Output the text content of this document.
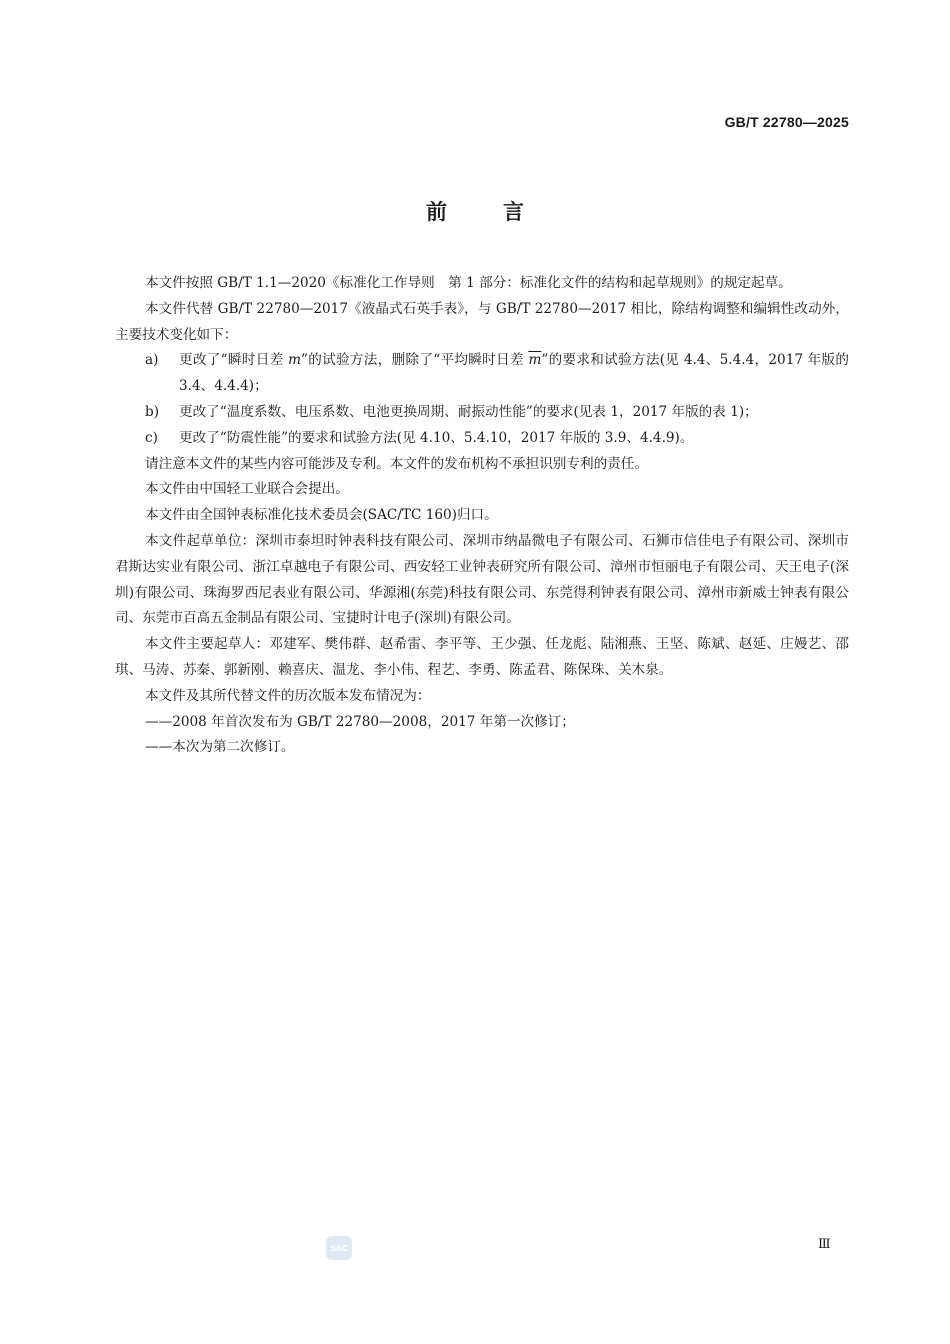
GB/T 22780—2025
前	言

本文件按照 GB/T 1.1—2020《标准化工作导则　第 1 部分：标准化文件的结构和起草规则》的规定起草。

本文件代替 GB/T 22780—2017《液晶式石英手表》，与 GB/T 22780—2017 相比，除结构调整和编辑性改动外，主要技术变化如下：

a) 更改了“瞬时日差 m”的试验方法，删除了“平均瞬时日差 $\overline{m}$”的要求和试验方法(见 4.4、5.4.4，2017 年版的 3.4、4.4.4)；

b) 更改了“温度系数、电压系数、电池更换周期、耐振动性能”的要求(见表 1，2017 年版的表 1)；

c) 更改了“防震性能”的要求和试验方法(见 4.10、5.4.10，2017 年版的 3.9、4.4.9)。

请注意本文件的某些内容可能涉及专利。本文件的发布机构不承担识别专利的责任。

本文件由中国轻工业联合会提出。

本文件由全国钟表标准化技术委员会(SAC/TC 160)归口。

本文件起草单位：深圳市泰坦时钟表科技有限公司、深圳市纳晶微电子有限公司、石狮市信佳电子有限公司、深圳市君斯达实业有限公司、浙江卓越电子有限公司、西安轻工业钟表研究所有限公司、漳州市恒丽电子有限公司、天王电子(深圳)有限公司、珠海罗西尼表业有限公司、华源湘(东莞)科技有限公司、东莞得利钟表有限公司、漳州市新威士钟表有限公司、东莞市百高五金制品有限公司、宝捷时计电子(深圳)有限公司。

本文件主要起草人：邓建军、樊伟群、赵希雷、李平等、王少强、任龙彪、陆湘燕、王坚、陈斌、赵延、庄嫚艺、邵琪、马涛、苏秦、郭新刚、赖喜庆、温龙、李小伟、程艺、李勇、陈孟君、陈保珠、关木泉。

本文件及其所代替文件的历次版本发布情况为：

——2008 年首次发布为 GB/T 22780—2008，2017 年第一次修订；

——本次为第二次修订。

SAC	Ⅲ
